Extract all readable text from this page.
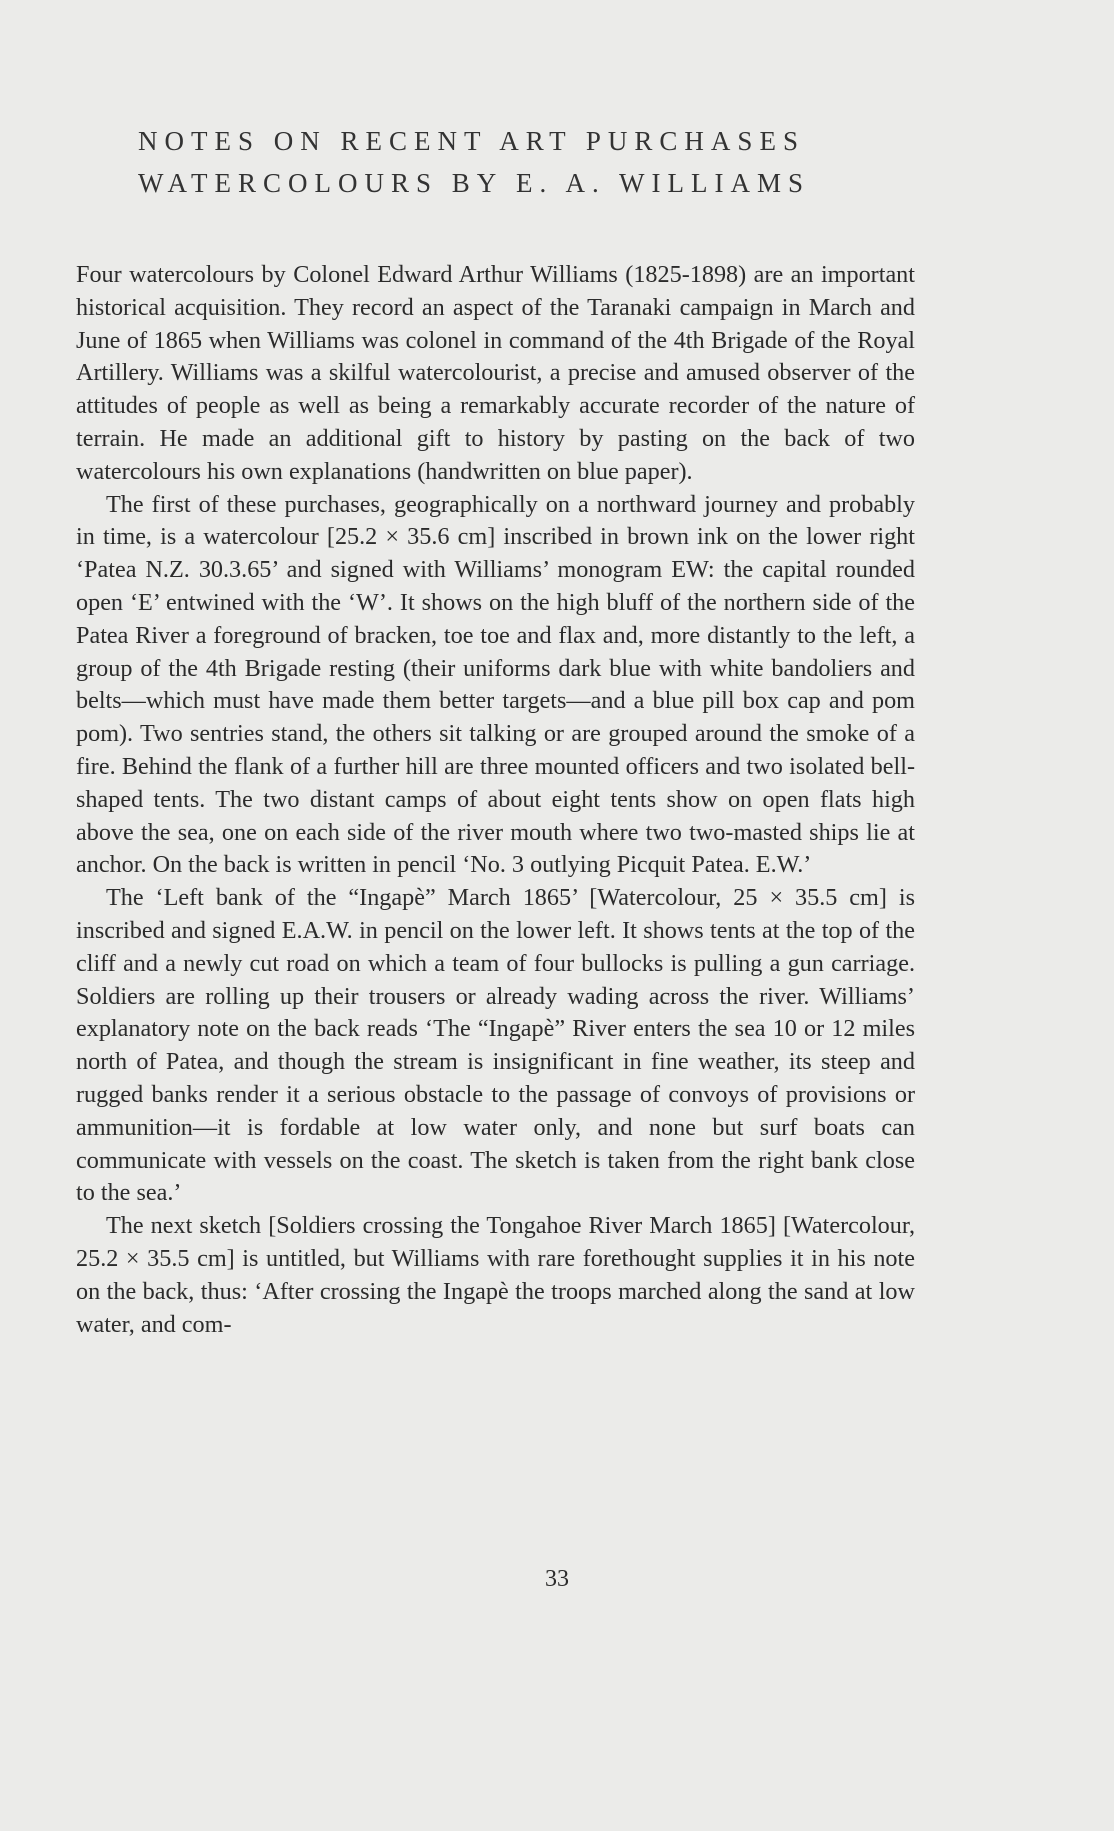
NOTES ON RECENT ART PURCHASES
WATERCOLOURS BY E. A. WILLIAMS

Four watercolours by Colonel Edward Arthur Williams (1825-1898) are an important historical acquisition. They record an aspect of the Taranaki campaign in March and June of 1865 when Williams was colonel in command of the 4th Brigade of the Royal Artillery. Williams was a skilful watercolourist, a precise and amused observer of the attitudes of people as well as being a remarkably accurate recorder of the nature of terrain. He made an additional gift to history by pasting on the back of two watercolours his own explanations (handwritten on blue paper).

The first of these purchases, geographically on a northward journey and probably in time, is a watercolour [25.2 × 35.6 cm] inscribed in brown ink on the lower right ‘Patea N.Z. 30.3.65’ and signed with Williams’ monogram EW: the capital rounded open ‘E’ entwined with the ‘W’. It shows on the high bluff of the northern side of the Patea River a foreground of bracken, toe toe and flax and, more distantly to the left, a group of the 4th Brigade resting (their uniforms dark blue with white bandoliers and belts—which must have made them better targets—and a blue pill box cap and pom pom). Two sentries stand, the others sit talking or are grouped around the smoke of a fire. Behind the flank of a further hill are three mounted officers and two isolated bell-shaped tents. The two distant camps of about eight tents show on open flats high above the sea, one on each side of the river mouth where two two-masted ships lie at anchor. On the back is written in pencil ‘No. 3 outlying Picquit Patea. E.W.’

The ‘Left bank of the “Ingapè” March 1865’ [Watercolour, 25 × 35.5 cm] is inscribed and signed E.A.W. in pencil on the lower left. It shows tents at the top of the cliff and a newly cut road on which a team of four bullocks is pulling a gun carriage. Soldiers are rolling up their trousers or already wading across the river. Williams’ explanatory note on the back reads ‘The “Ingapè” River enters the sea 10 or 12 miles north of Patea, and though the stream is insignificant in fine weather, its steep and rugged banks render it a serious obstacle to the passage of convoys of provisions or ammunition—it is fordable at low water only, and none but surf boats can communicate with vessels on the coast. The sketch is taken from the right bank close to the sea.’

The next sketch [Soldiers crossing the Tongahoe River March 1865] [Watercolour, 25.2 × 35.5 cm] is untitled, but Williams with rare forethought supplies it in his note on the back, thus: ‘After crossing the Ingapè the troops marched along the sand at low water, and com-

33
